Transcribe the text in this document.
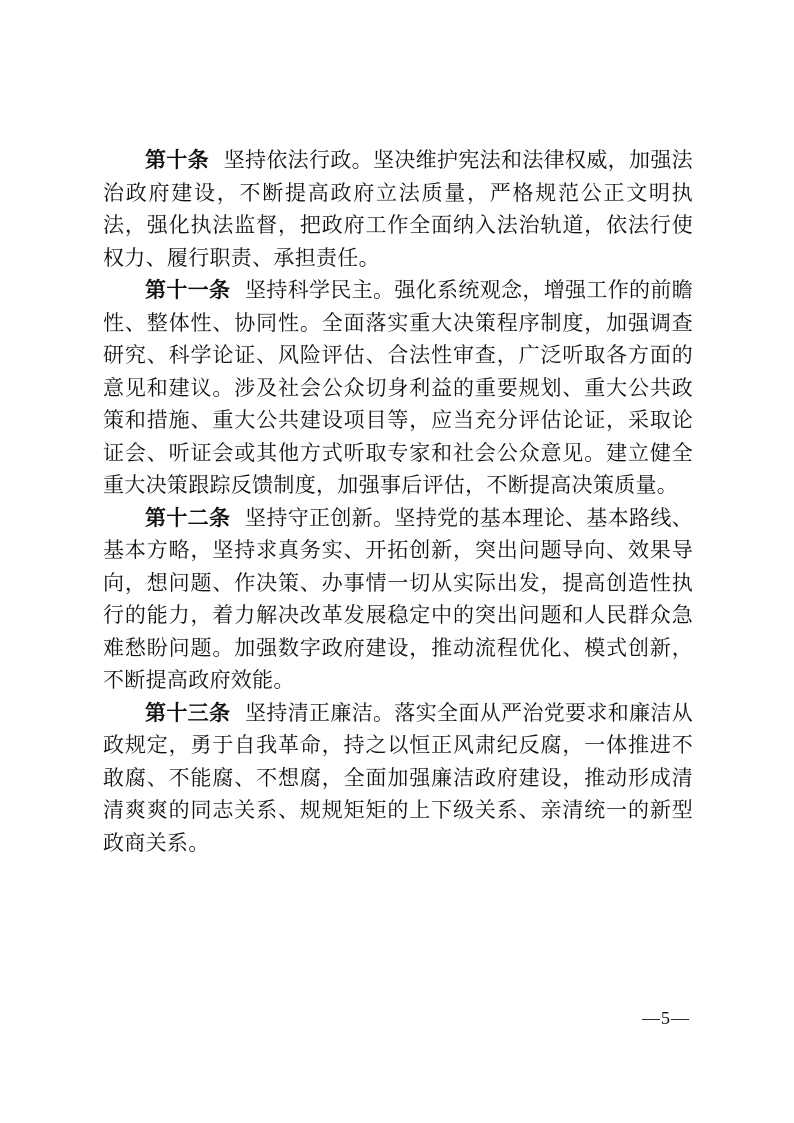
第十条 坚持依法行政。坚决维护宪法和法律权威，加强法治政府建设，不断提高政府立法质量，严格规范公正文明执法，强化执法监督，把政府工作全面纳入法治轨道，依法行使权力、履行职责、承担责任。

第十一条 坚持科学民主。强化系统观念，增强工作的前瞻性、整体性、协同性。全面落实重大决策程序制度，加强调查研究、科学论证、风险评估、合法性审查，广泛听取各方面的意见和建议。涉及社会公众切身利益的重要规划、重大公共政策和措施、重大公共建设项目等，应当充分评估论证，采取论证会、听证会或其他方式听取专家和社会公众意见。建立健全重大决策跟踪反馈制度，加强事后评估，不断提高决策质量。

第十二条 坚持守正创新。坚持党的基本理论、基本路线、基本方略，坚持求真务实、开拓创新，突出问题导向、效果导向，想问题、作决策、办事情一切从实际出发，提高创造性执行的能力，着力解决改革发展稳定中的突出问题和人民群众急难愁盼问题。加强数字政府建设，推动流程优化、模式创新，不断提高政府效能。

第十三条 坚持清正廉洁。落实全面从严治党要求和廉洁从政规定，勇于自我革命，持之以恒正风肃纪反腐，一体推进不敢腐、不能腐、不想腐，全面加强廉洁政府建设，推动形成清清爽爽的同志关系、规规矩矩的上下级关系、亲清统一的新型政商关系。

—5—
